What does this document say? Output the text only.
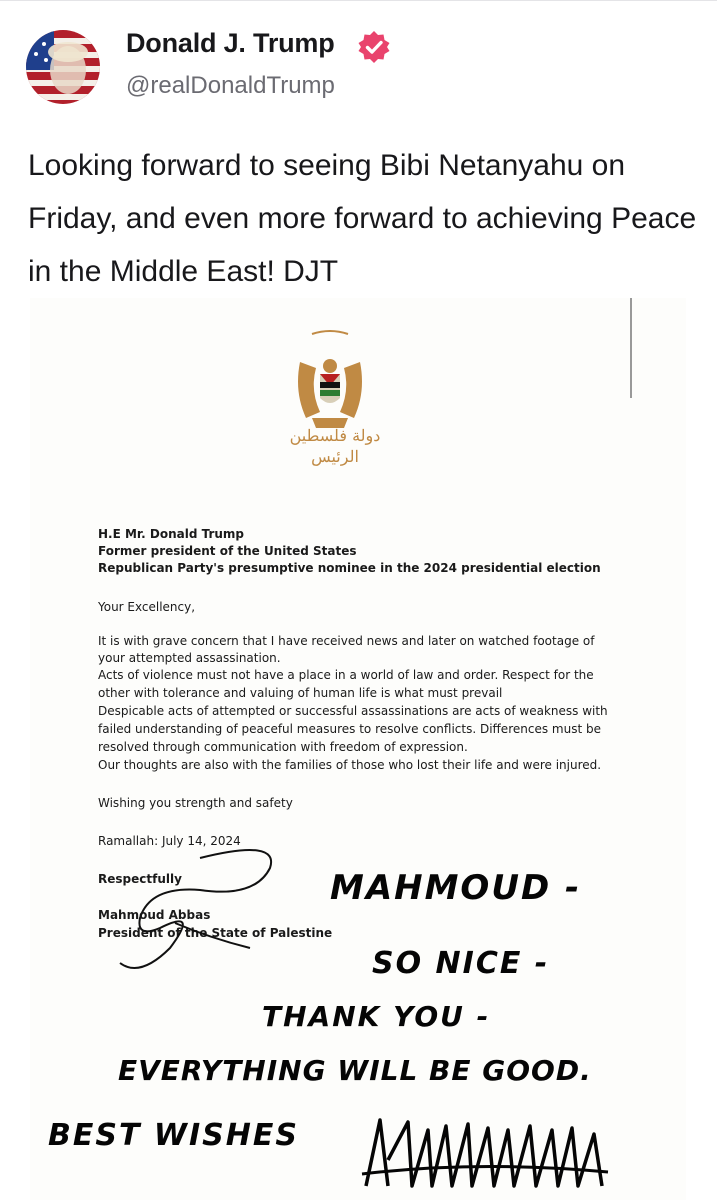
Donald J. Trump
@realDonaldTrump
Looking forward to seeing Bibi Netanyahu on Friday, and even more forward to achieving Peace in the Middle East! DJT
دولة فلسطين
الرئيس
H.E Mr. Donald Trump
Former president of the United States
Republican Party's presumptive nominee in the 2024 presidential election
Your Excellency,
It is with grave concern that I have received news and later on watched footage of
your attempted assassination.
Acts of violence must not have a place in a world of law and order. Respect for the
other with tolerance and valuing of human life is what must prevail
Despicable acts of attempted or successful assassinations are acts of weakness with
failed understanding of peaceful measures to resolve conflicts. Differences must be
resolved through communication with freedom of expression.
Our thoughts are also with the families of those who lost their life and were injured.
Wishing you strength and safety
Ramallah: July 14, 2024
Respectfully
Mahmoud Abbas
President of the State of Palestine
MAHMOUD -
SO NICE -
THANK YOU -
EVERYTHING WILL BE GOOD.
BEST WISHES
